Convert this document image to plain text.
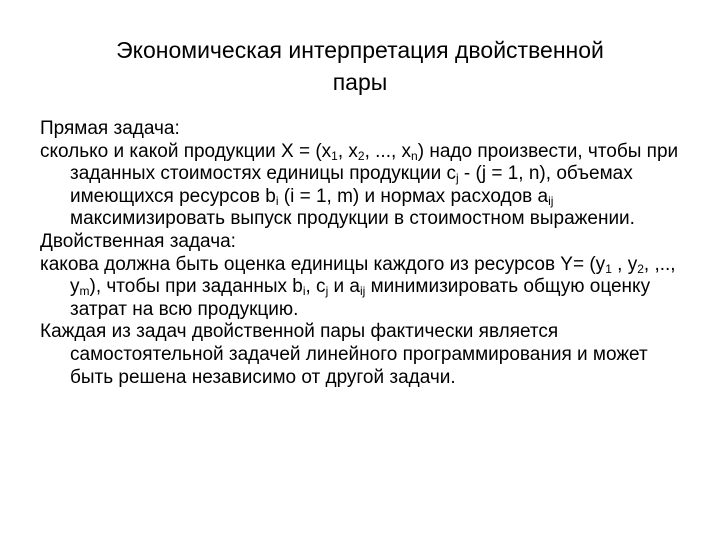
Экономическая интерпретация двойственной
пары

Прямая задача:

сколько и какой продукции $X = (x_1$, $x_2$, ..., $x_n$) надо произвести, чтобы при заданных стоимостях единицы продукции $c_j - (j = 1$, n), объемах имеющихся ресурсов $b_i$ (i = 1, m) и нормах расходов $a_{ij}$ максимизировать выпуск продукции в стоимостном выражении.

Двойственная задача:

какова должна быть оценка единицы каждого из ресурсов $Y= (y_1$ , $y_2$, ,.., $y_m$), чтобы при заданных $b_i$, $c_j$ и $a_{ij}$ минимизировать общую оценку затрат на всю продукцию.

Каждая из задач двойственной пары фактически является самостоятельной задачей линейного программирования и может быть решена независимо от другой задачи.
